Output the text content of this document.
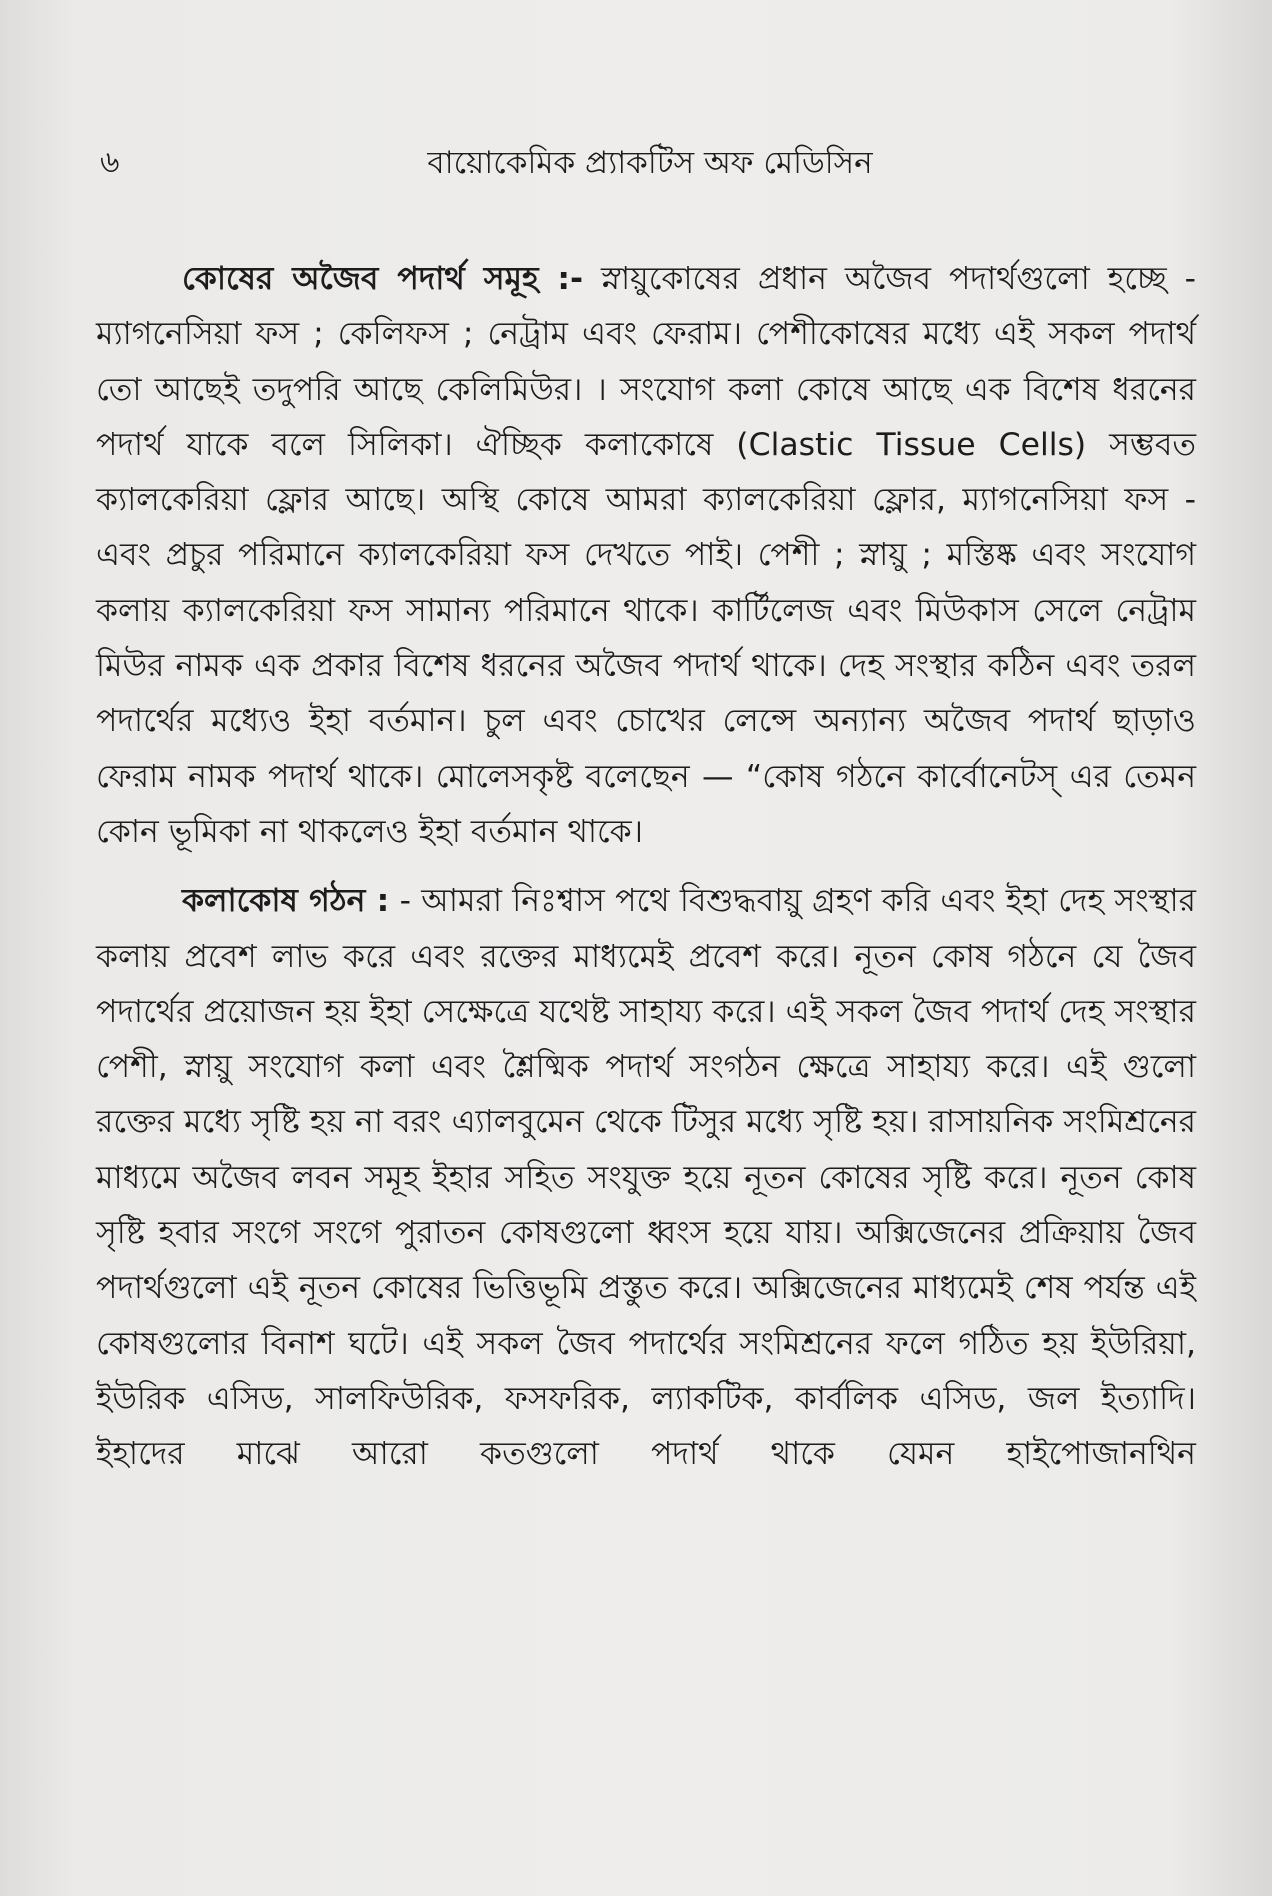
৬	বায়োকেমিক প্র্যাকটিস অফ মেডিসিন

কোষের অজৈব পদার্থ সমূহ :- স্নায়ুকোষের প্রধান অজৈব পদার্থগুলো হচ্ছে - ম্যাগনেসিয়া ফস ; কেলিফস ; নেট্রাম এবং ফেরাম। পেশীকোষের মধ্যে এই সকল পদার্থ তো আছেই তদুপরি আছে কেলিমিউর। । সংযোগ কলা কোষে আছে এক বিশেষ ধরনের পদার্থ যাকে বলে সিলিকা। ঐচ্ছিক কলাকোষে (Clastic Tissue Cells) সম্ভবত ক্যালকেরিয়া ফ্লোর আছে। অস্থি কোষে আমরা ক্যালকেরিয়া ফ্লোর, ম্যাগনেসিয়া ফস - এবং প্রচুর পরিমানে ক্যালকেরিয়া ফস দেখতে পাই। পেশী ; স্নায়ু ; মস্তিষ্ক এবং সংযোগ কলায় ক্যালকেরিয়া ফস সামান্য পরিমানে থাকে। কার্টিলেজ এবং মিউকাস সেলে নেট্রাম মিউর নামক এক প্রকার বিশেষ ধরনের অজৈব পদার্থ থাকে। দেহ সংস্থার কঠিন এবং তরল পদার্থের মধ্যেও ইহা বর্তমান। চুল এবং চোখের লেন্সে অন্যান্য অজৈব পদার্থ ছাড়াও ফেরাম নামক পদার্থ থাকে। মোলেসকৃষ্ট বলেছেন — “কোষ গঠনে কার্বোনেটস্ এর তেমন কোন ভূমিকা না থাকলেও ইহা বর্তমান থাকে।

কলাকোষ গঠন : - আমরা নিঃশ্বাস পথে বিশুদ্ধবায়ু গ্রহণ করি এবং ইহা দেহ সংস্থার কলায় প্রবেশ লাভ করে এবং রক্তের মাধ্যমেই প্রবেশ করে। নূতন কোষ গঠনে যে জৈব পদার্থের প্রয়োজন হয় ইহা সেক্ষেত্রে যথেষ্ট সাহায্য করে। এই সকল জৈব পদার্থ দেহ সংস্থার পেশী, স্নায়ু সংযোগ কলা এবং শ্লৈষ্মিক পদার্থ সংগঠন ক্ষেত্রে সাহায্য করে। এই গুলো রক্তের মধ্যে সৃষ্টি হয় না বরং এ্যালবুমেন থেকে টিসুর মধ্যে সৃষ্টি হয়। রাসায়নিক সংমিশ্রনের মাধ্যমে অজৈব লবন সমূহ ইহার সহিত সংযুক্ত হয়ে নূতন কোষের সৃষ্টি করে। নূতন কোষ সৃষ্টি হবার সংগে সংগে পুরাতন কোষগুলো ধ্বংস হয়ে যায়। অক্সিজেনের প্রক্রিয়ায় জৈব পদার্থগুলো এই নূতন কোষের ভিত্তিভূমি প্রস্তুত করে। অক্সিজেনের মাধ্যমেই শেষ পর্যন্ত এই কোষগুলোর বিনাশ ঘটে। এই সকল জৈব পদার্থের সংমিশ্রনের ফলে গঠিত হয় ইউরিয়া, ইউরিক এসিড, সালফিউরিক, ফসফরিক, ল্যাকটিক, কার্বলিক এসিড, জল ইত্যাদি। ইহাদের মাঝে আরো কতগুলো পদার্থ থাকে যেমন হাইপোজানথিন
